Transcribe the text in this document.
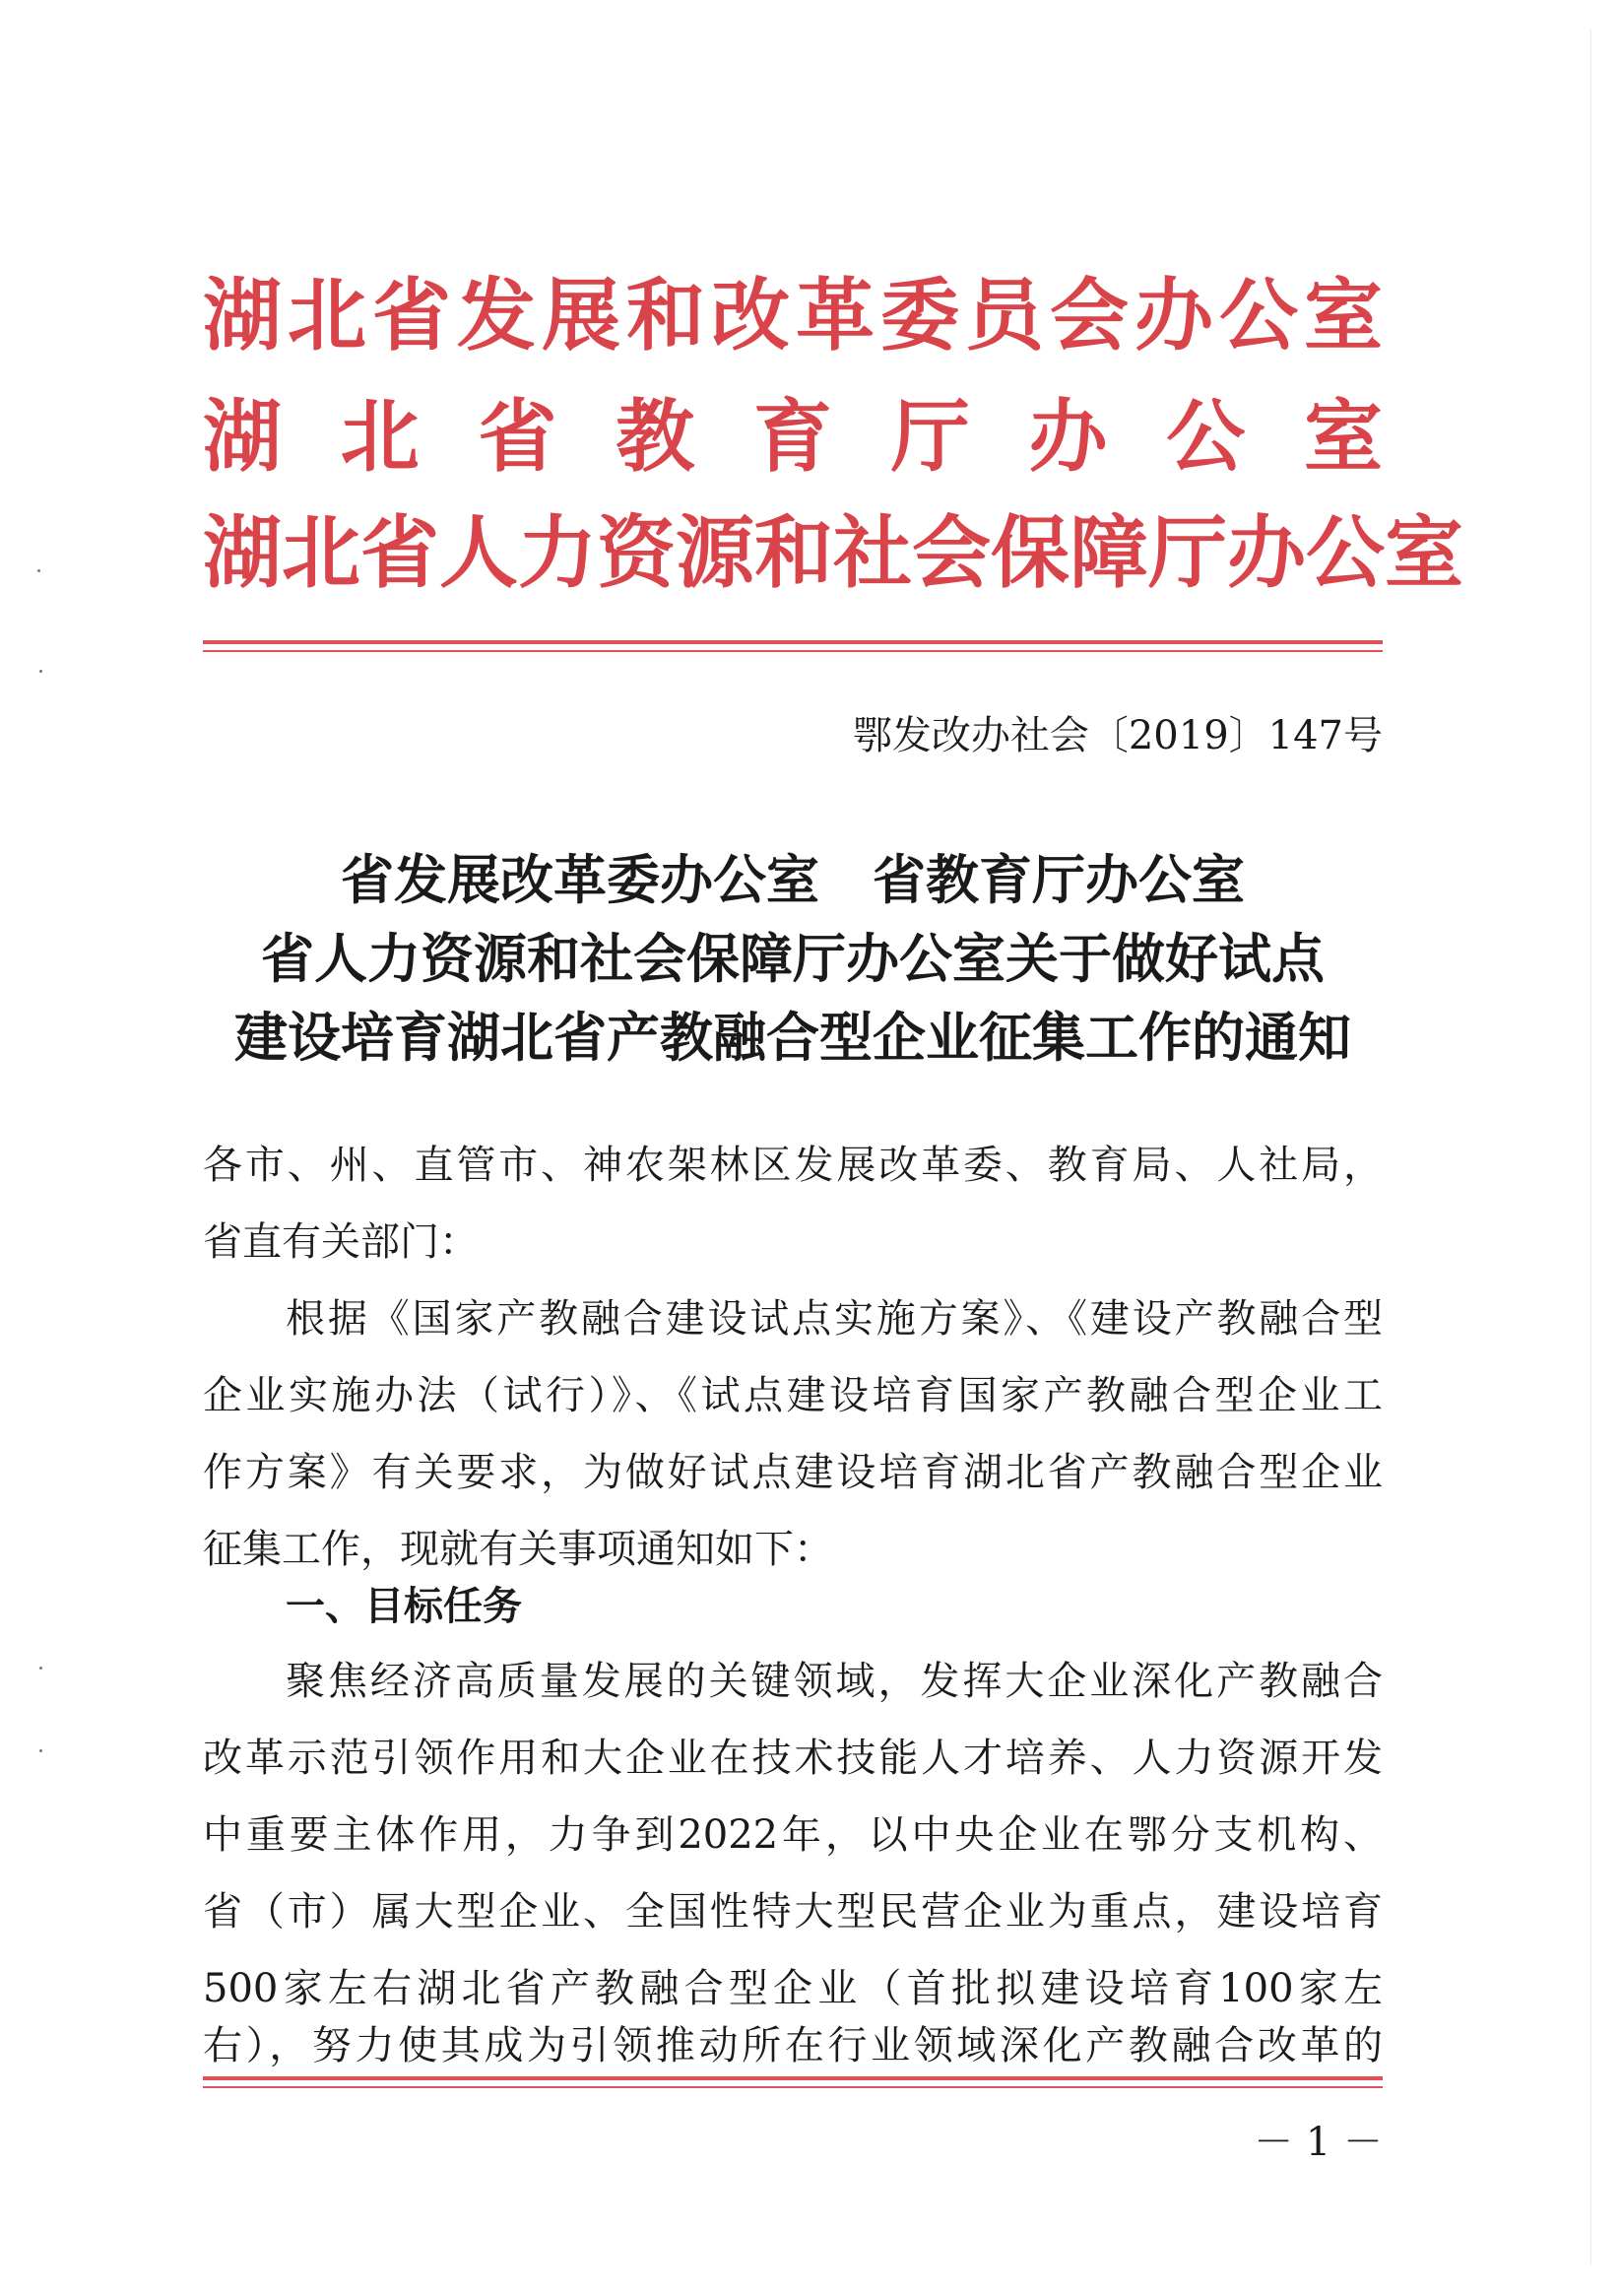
湖北省发展和改革委员会办公室
湖北省教育厅办公室
湖北省人力资源和社会保障厅办公室
鄂发改办社会〔2019〕147号
省发展改革委办公室　省教育厅办公室
省人力资源和社会保障厅办公室关于做好试点
建设培育湖北省产教融合型企业征集工作的通知
各市、州、直管市、神农架林区发展改革委、教育局、人社局，
省直有关部门：
根据《国家产教融合建设试点实施方案》、《建设产教融合型
企业实施办法（试行）》、《试点建设培育国家产教融合型企业工
作方案》有关要求，为做好试点建设培育湖北省产教融合型企业
征集工作，现就有关事项通知如下：
一、目标任务
聚焦经济高质量发展的关键领域，发挥大企业深化产教融合
改革示范引领作用和大企业在技术技能人才培养、人力资源开发
中重要主体作用，力争到2022年，以中央企业在鄂分支机构、
省（市）属大型企业、全国性特大型民营企业为重点，建设培育
500家左右湖北省产教融合型企业（首批拟建设培育100家左
右），努力使其成为引领推动所在行业领域深化产教融合改革的
－ 1 －
